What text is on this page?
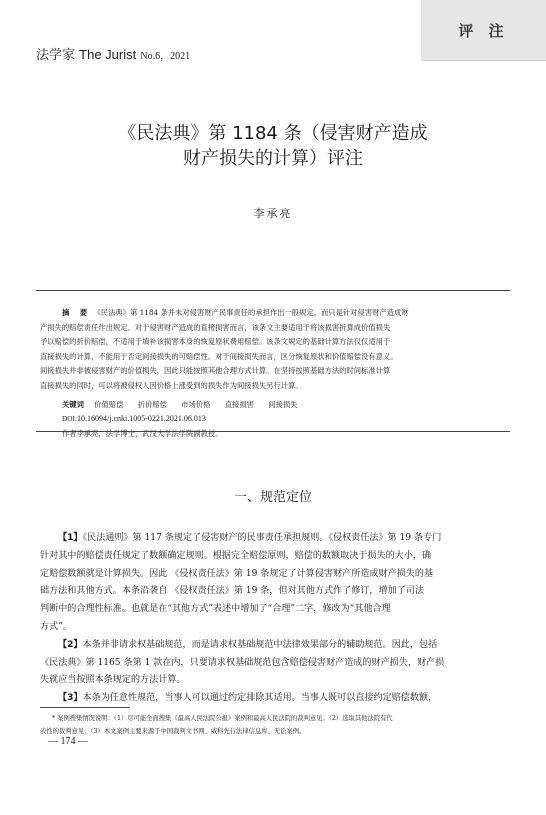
法学家 The Jurist No.6，2021
评 注
《民法典》第 1184 条（侵害财产造成
财产损失的计算）评注
李承亮
摘 要 《民法典》第 1184 条并未对侵害财产民事责任的承担作出一般规定，而只是针对侵害财产造成财
产损失的赔偿责任作出规定。对于侵害财产造成的直接损害而言，该条文主要适用于将该损害折算成价值损失
予以赔偿的折价赔偿，不适用于填补该损害本身的恢复原状费用赔偿。该条文规定的基础计算方法仅仅适用于
直接损失的计算，不能用于否定间接损失的可赔偿性。对于间接损失而言，区分恢复原状和价值赔偿没有意义。
间接损失并非被侵害财产的价值损失，因此只能按照其他合理方式计算。在坚持按照基础方法的时间标准计算
直接损失的同时，可以将被侵权人因价格上涨受到的损失作为间接损失另行计算。
关键词 价值赔偿 折价赔偿 市场价格 直接损害 间接损失
DOI:10.16094/j.cnki.1005-0221.2021.06.013
作者李承亮，法学博士，武汉大学法学院副教授。
一、规范定位
【1】《民法通则》第 117 条规定了侵害财产的民事责任承担规则。《侵权责任法》第 19 条专门
针对其中的赔偿责任规定了数额确定规则。根据完全赔偿原则，赔偿的数额取决于损失的大小，确
定赔偿数额就是计算损失。因此 《侵权责任法》第 19 条规定了计算侵害财产所造成财产损失的基
础方法和其他方式。本条沿袭自 《侵权责任法》第 19 条，但对其他方式作了修订，增加了司法
判断中的合理性标准。也就是在“其他方式”表述中增加了“合理”二字，修改为“其他合理
方式”。
【2】本条并非请求权基础规范，而是请求权基础规范中法律效果部分的辅助规范。因此，包括
《民法典》第 1165 条第 1 款在内，只要请求权基础规范包含赔偿侵害财产造成的财产损失，财产损
失就应当按照本条规定的方法计算。
【3】本条为任意性规范，当事人可以通过约定排除其适用。当事人既可以直接约定赔偿数额，
* 案例搜集情况说明：（1）尽可能全面搜集《最高人民法院公报》案例和最高人民法院的裁判意见；（2）选取其他法院有代
表性的裁判意见；（3）本文案例主要来源于中国裁判文书网、威科先行法律信息库、无讼案例。
— 174 —
